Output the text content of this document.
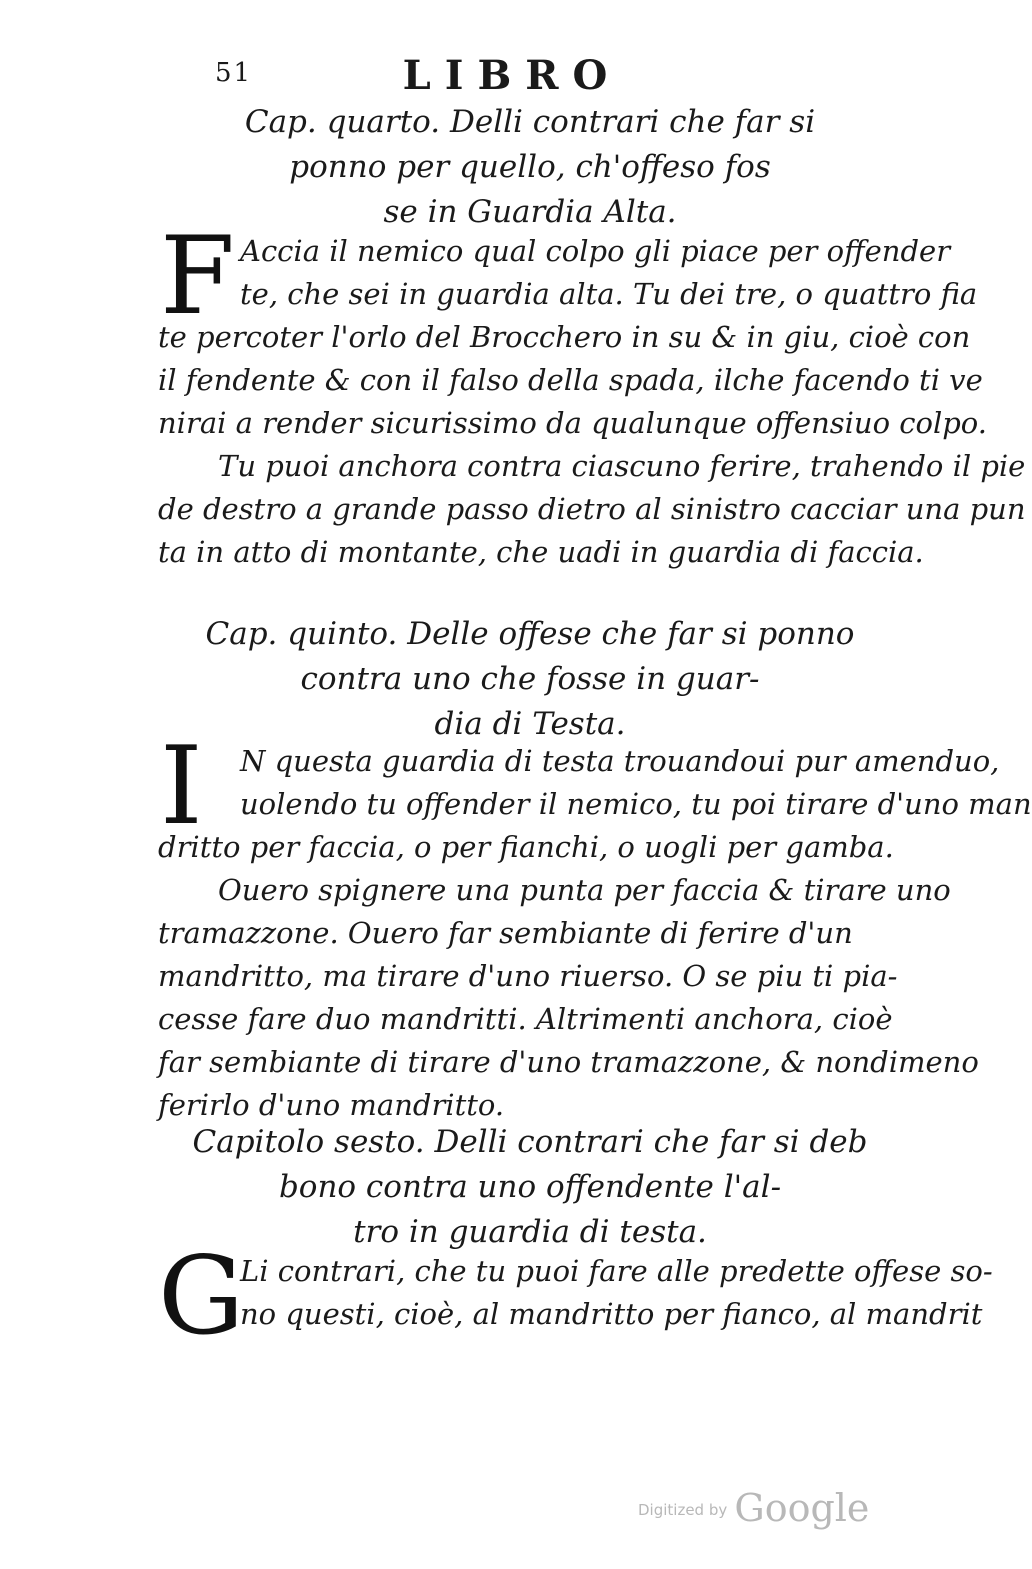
51	LIBRO
Cap. quarto. Delli contrari che far si
ponno per quello, ch'offeso fos
se in Guardia Alta.
F Accia il nemico qual colpo gli piace per offender
te, che sei in guardia alta. Tu dei tre, o quattro fia
te percoter l'orlo del Brocchero in su & in giu, cioè con
il fendente & con il falso della spada, ilche facendo ti ve
nirai a render sicurissimo da qualunque offensiuo colpo.
Tu puoi anchora contra ciascuno ferire, trahendo il pie
de destro a grande passo dietro al sinistro cacciar una pun
ta in atto di montante, che uadi in guardia di faccia.
Cap. quinto. Delle offese che far si ponno
contra uno che fosse in guar-
dia di Testa.
I	N questa guardia di testa trouandoui pur amenduo,
uolendo tu offender il nemico, tu poi tirare d'uno man
dritto per faccia, o per fianchi, o uogli per gamba.
Ouero spignere una punta per faccia & tirare uno
tramazzone. Ouero far sembiante di ferire d'un
mandritto, ma tirare d'uno riuerso. O se piu ti pia-
cesse fare duo mandritti. Altrimenti anchora, cioè
far sembiante di tirare d'uno tramazzone, & nondimeno
ferirlo d'uno mandritto.
Capitolo sesto. Delli contrari che far si deb
bono contra uno offendente l'al-
tro in guardia di testa.
G
Li contrari, che tu puoi fare alle predette offese so-
no questi, cioè, al mandritto per fianco, al mandrit
Digitized by Google
